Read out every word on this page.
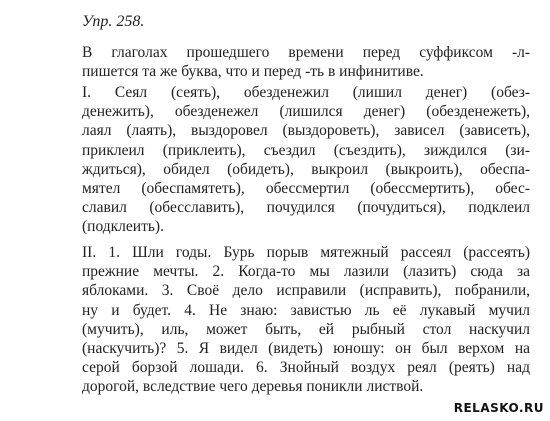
Упр. 258.
В глаголах прошедшего времени перед суффиксом -л-
пишется та же буква, что и перед -ть в инфинитиве.
I. Сеял (сеять), обезденежил (лишил денег) (обез-
денежить), обезденежел (лишился денег) (обезденежеть),
лаял (лаять), выздоровел (выздороветь), зависел (зависеть),
приклеил (приклеить), съездил (съездить), зиждился (зи-
ждиться), обидел (обидеть), выкроил (выкроить), обеспа-
мятел (обеспамятеть), обессмертил (обессмертить), обес-
славил (обесславить), почудился (почудиться), подклеил
(подклеить).
II. 1. Шли годы. Бурь порыв мятежный рассеял (рассеять)
прежние мечты. 2. Когда-то мы лазили (лазить) сюда за
яблоками. 3. Своё дело исправили (исправить), побранили,
ну и будет. 4. Не знаю: завистью ль её лукавый мучил
(мучить), иль, может быть, ей рыбный стол наскучил
(наскучить)? 5. Я видел (видеть) юношу: он был верхом на
серой борзой лошади. 6. Знойный воздух реял (реять) над
дорогой, вследствие чего деревья поникли листвой.
RELASKO.RU
